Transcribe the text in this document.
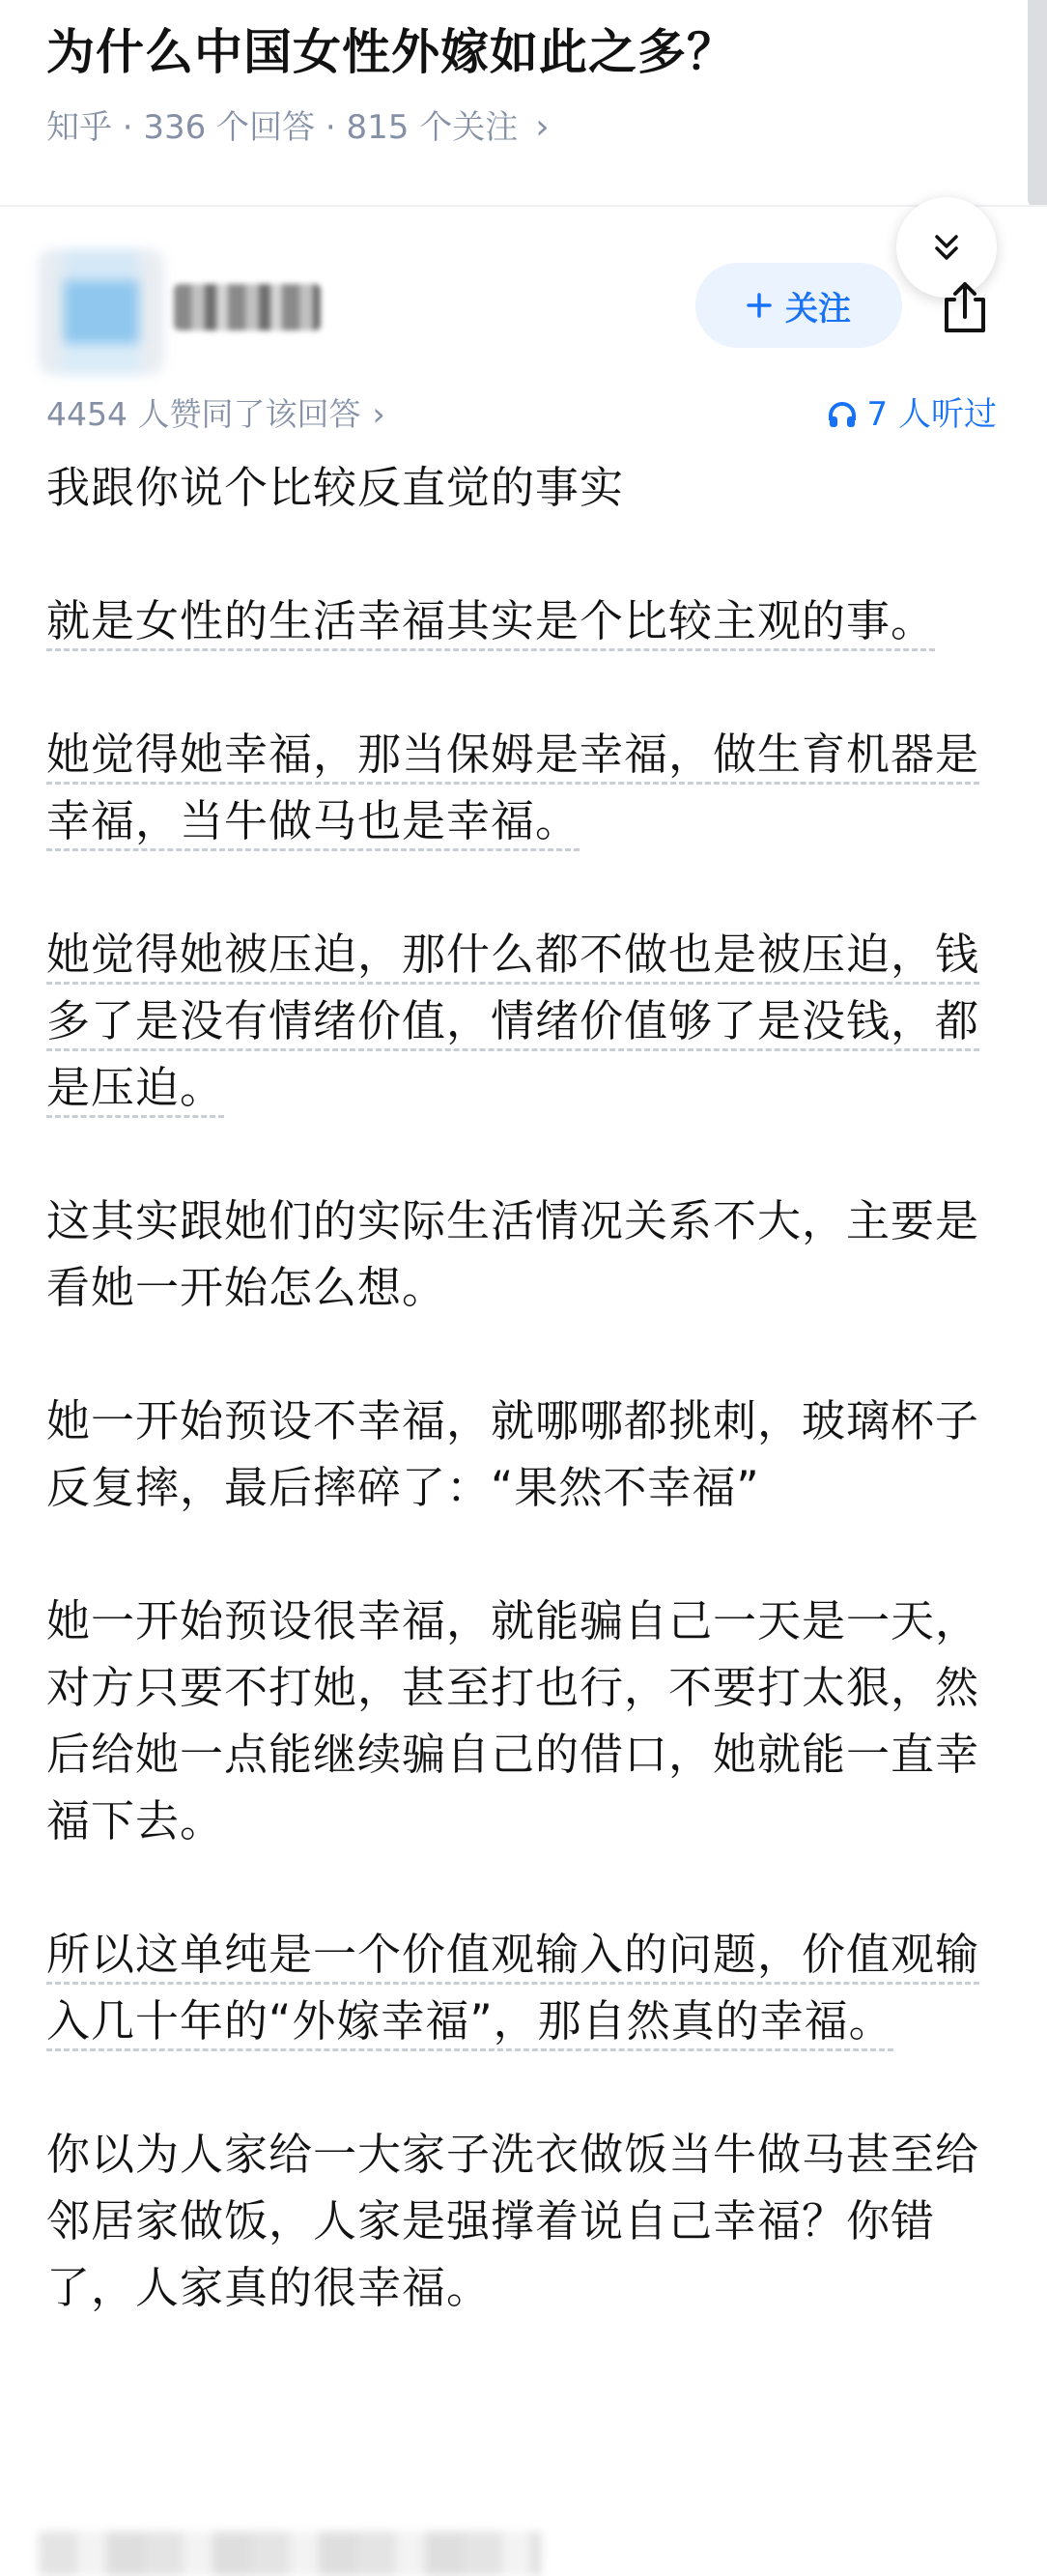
为什么中国女性外嫁如此之多？
知乎 · 336 个回答 · 815 个关注 ›
关注
4454 人赞同了该回答 ›	7 人听过

我跟你说个比较反直觉的事实

就是女性的生活幸福其实是个比较主观的事。

她觉得她幸福，那当保姆是幸福，做生育机器是幸福，当牛做马也是幸福。

她觉得她被压迫，那什么都不做也是被压迫，钱多了是没有情绪价值，情绪价值够了是没钱，都是压迫。

这其实跟她们的实际生活情况关系不大，主要是看她一开始怎么想。

她一开始预设不幸福，就哪哪都挑刺，玻璃杯子反复摔，最后摔碎了：“果然不幸福”

她一开始预设很幸福，就能骗自己一天是一天，对方只要不打她，甚至打也行，不要打太狠，然后给她一点能继续骗自己的借口，她就能一直幸福下去。

所以这单纯是一个价值观输入的问题，价值观输入几十年的“外嫁幸福”，那自然真的幸福。

你以为人家给一大家子洗衣做饭当牛做马甚至给邻居家做饭，人家是强撑着说自己幸福？你错了，人家真的很幸福。
